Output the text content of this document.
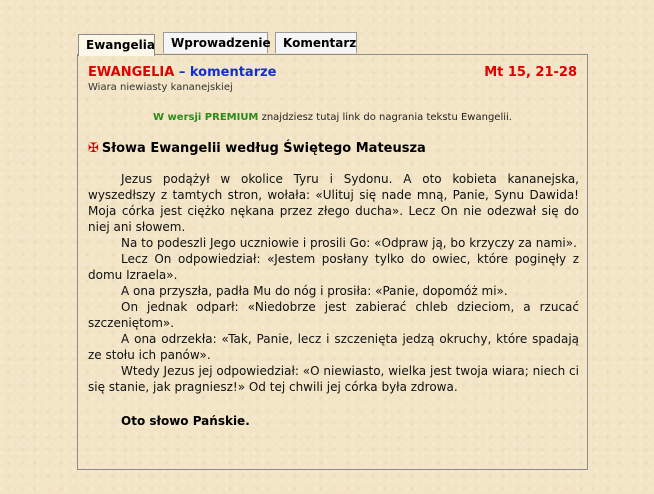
Ewangelia	Wprowadzenie	Komentarz
EWANGELIA – komentarze	Mt 15, 21-28
Wiara niewiasty kananejskiej
W wersji PREMIUM znajdziesz tutaj link do nagrania tekstu Ewangelii.
✠ Słowa Ewangelii według Świętego Mateusza

Jezus podążył w okolice Tyru i Sydonu. A oto kobieta kananejska, wyszedłszy z tamtych stron, wołała: «Ulituj się nade mną, Panie, Synu Dawida! Moja córka jest ciężko nękana przez złego ducha». Lecz On nie odezwał się do niej ani słowem.

Na to podeszli Jego uczniowie i prosili Go: «Odpraw ją, bo krzyczy za nami».

Lecz On odpowiedział: «Jestem posłany tylko do owiec, które poginęły z domu Izraela».

A ona przyszła, padła Mu do nóg i prosiła: «Panie, dopomóż mi».

On jednak odparł: «Niedobrze jest zabierać chleb dzieciom, a rzucać szczeniętom».

A ona odrzekła: «Tak, Panie, lecz i szczenięta jedzą okruchy, które spadają ze stołu ich panów».

Wtedy Jezus jej odpowiedział: «O niewiasto, wielka jest twoja wiara; niech ci się stanie, jak pragniesz!» Od tej chwili jej córka była zdrowa.

Oto słowo Pańskie.
